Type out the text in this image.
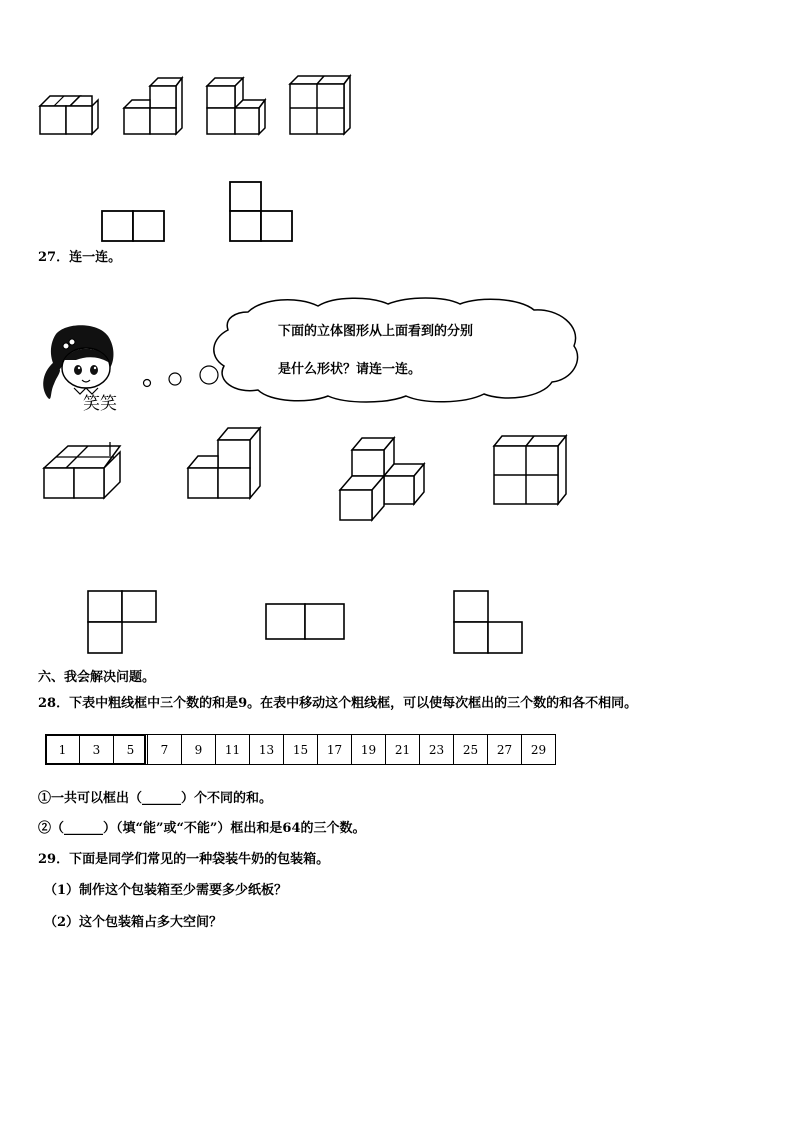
27．连一连。
笑笑
下面的立体图形从上面看到的分别
是什么形状？请连一连。
六、我会解决问题。
28．下表中粗线框中三个数的和是9。在表中移动这个粗线框，可以使每次框出的三个数的和各不相同。
1	3	5	7	9	11	13	15	17	19	21	23	25	27	29
①一共可以框出（______）个不同的和。
②（______）（填“能”或“不能”）框出和是64的三个数。
29．下面是同学们常见的一种袋装牛奶的包装箱。
（1）制作这个包装箱至少需要多少纸板？
（2）这个包装箱占多大空间？
